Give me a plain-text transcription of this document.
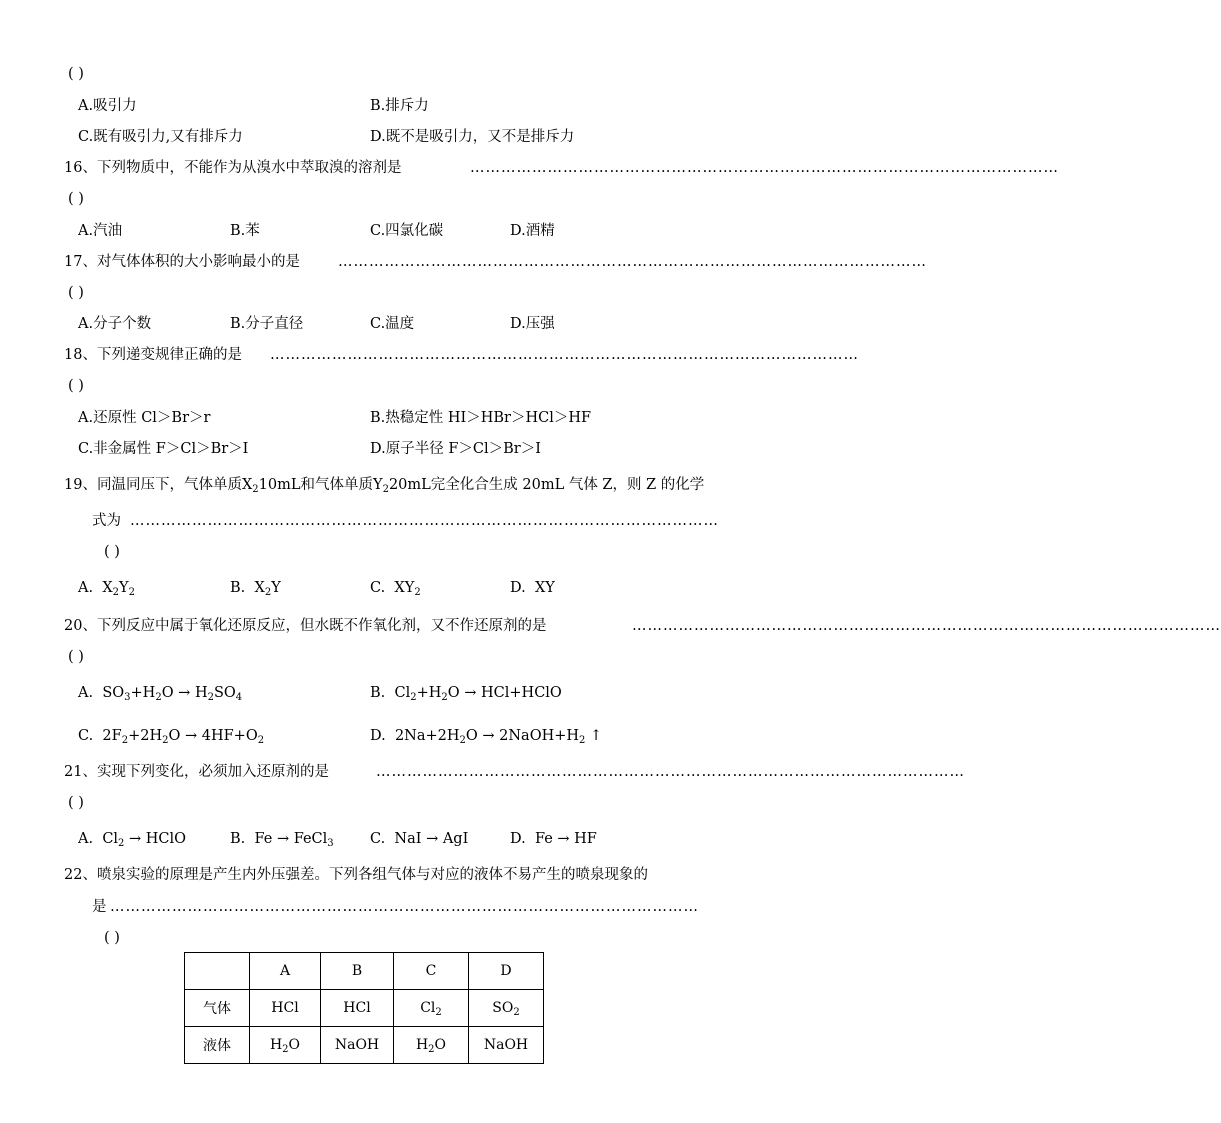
( )
A.吸引力	B.排斥力
C.既有吸引力,又有排斥力	D.既不是吸引力，又不是排斥力
16、下列物质中，不能作为从溴水中萃取溴的溶剂是	……………………………………………………………………………………………………
( )
A.汽油	B.苯	C.四氯化碳	D.酒精
17、对气体体积的大小影响最小的是	……………………………………………………………………………………………………
( )
A.分子个数	B.分子直径	C.温度	D.压强
18、下列递变规律正确的是 ……………………………………………………………………………………………………
( )
A.还原性 Cl＞Br＞r	B.热稳定性 HI＞HBr＞HCl＞HF
C.非金属性 F＞Cl＞Br＞I	D.原子半径 F＞Cl＞Br＞I
19、同温同压下，气体单质$X_210mL$和气体单质$Y_220mL$完全化合生成 20mL 气体 Z，则 Z 的化学
式为 ……………………………………………………………………………………………………
( )
A. $X_2Y_2$	B. $X_2Y$	C. $XY_2$	D. XY
20、下列反应中属于氧化还原反应，但水既不作氧化剂，又不作还原剂的是	……………………………………………………………………………………………………
( )
A. $SO_3+H_2O \to H_2SO_4$	B. $Cl_2+H_2O$ → HCl+HClO
C. $2F_2+2H_2O \to 4HF+O_2$	D. $2Na+2H_2O$ → $2NaOH+H_2$ ↑
21、实现下列变化，必须加入还原剂的是	……………………………………………………………………………………………………
( )
A. $Cl_2$ → HClO	B. Fe → FeCl$_3$	C. NaI → AgI	D. Fe → HF
22、喷泉实验的原理是产生内外压强差。下列各组气体与对应的液体不易产生的喷泉现象的
是 ……………………………………………………………………………………………………
( )
	A	B	C	D
气体	HCl	HCl	$Cl_2$	$SO_2$
液体	$H_2O$	NaOH	$H_2O$	NaOH
